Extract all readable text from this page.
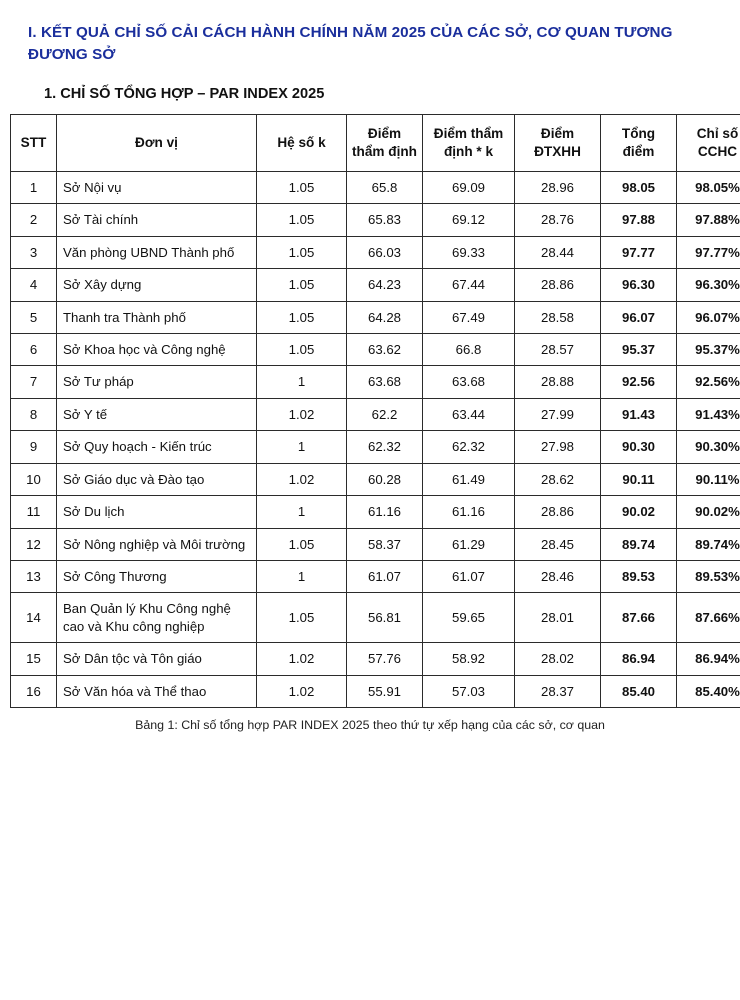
I. KẾT QUẢ CHỈ SỐ CẢI CÁCH HÀNH CHÍNH NĂM 2025 CỦA CÁC SỞ, CƠ QUAN TƯƠNG ĐƯƠNG SỞ
1. CHỈ SỐ TỔNG HỢP – PAR INDEX 2025
STT	Đơn vị	Hệ số k	Điểm thẩm định	Điểm thẩm định * k	Điểm ĐTXHH	Tổng điểm	Chỉ số CCHC
1	Sở Nội vụ	1.05	65.8	69.09	28.96	98.05	98.05%
2	Sở Tài chính	1.05	65.83	69.12	28.76	97.88	97.88%
3	Văn phòng UBND Thành phố	1.05	66.03	69.33	28.44	97.77	97.77%
4	Sở Xây dựng	1.05	64.23	67.44	28.86	96.30	96.30%
5	Thanh tra Thành phố	1.05	64.28	67.49	28.58	96.07	96.07%
6	Sở Khoa học và Công nghệ	1.05	63.62	66.8	28.57	95.37	95.37%
7	Sở Tư pháp	1	63.68	63.68	28.88	92.56	92.56%
8	Sở Y tế	1.02	62.2	63.44	27.99	91.43	91.43%
9	Sở Quy hoạch - Kiến trúc	1	62.32	62.32	27.98	90.30	90.30%
10	Sở Giáo dục và Đào tạo	1.02	60.28	61.49	28.62	90.11	90.11%
11	Sở Du lịch	1	61.16	61.16	28.86	90.02	90.02%
12	Sở Nông nghiệp và Môi trường	1.05	58.37	61.29	28.45	89.74	89.74%
13	Sở Công Thương	1	61.07	61.07	28.46	89.53	89.53%
14	Ban Quản lý Khu Công nghệ cao và Khu công nghiệp	1.05	56.81	59.65	28.01	87.66	87.66%
15	Sở Dân tộc và Tôn giáo	1.02	57.76	58.92	28.02	86.94	86.94%
16	Sở Văn hóa và Thể thao	1.02	55.91	57.03	28.37	85.40	85.40%
Bảng 1: Chỉ số tổng hợp PAR INDEX 2025 theo thứ tự xếp hạng của các sở, cơ quan
